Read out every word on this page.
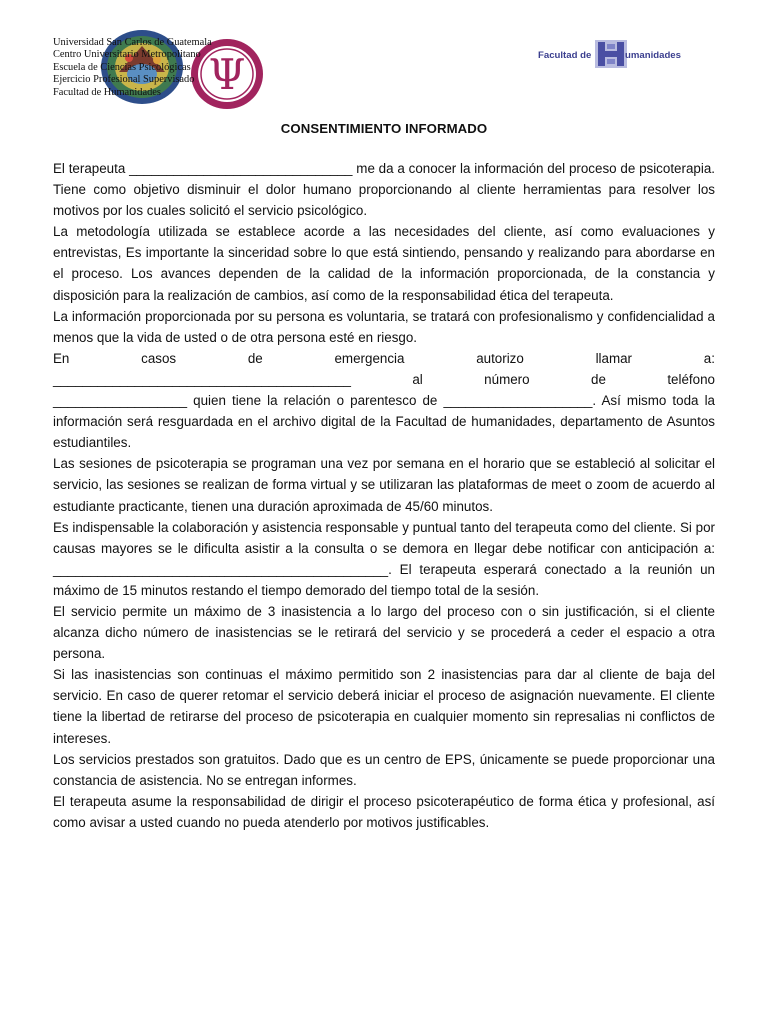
Ψ
Universidad San Carlos de Guatemala
Centro Universitario Metropolitano
Escuela de Ciencias Psicológicas
Ejercicio Profesional Supervisado
Facultad de Humanidades
Facultad de	umanidades
CONSENTIMIENTO INFORMADO

El terapeuta ______________________________ me da a conocer la información del proceso de psicoterapia. Tiene como objetivo disminuir el dolor humano proporcionando al cliente herramientas para resolver los motivos por los cuales solicitó el servicio psicológico.

La metodología utilizada se establece acorde a las necesidades del cliente, así como evaluaciones y entrevistas, Es importante la sinceridad sobre lo que está sintiendo, pensando y realizando para abordarse en el proceso. Los avances dependen de la calidad de la información proporcionada, de la constancia y disposición para la realización de cambios, así como de la responsabilidad ética del terapeuta.

La información proporcionada por su persona es voluntaria, se tratará con profesionalismo y confidencialidad a menos que la vida de usted o de otra persona esté en riesgo.

En	casos	de	emergencia	autorizo	llamar	a:
________________________________________	al	número	de	teléfono

__________________ quien tiene la relación o parentesco de ____________________. Así mismo toda la información será resguardada en el archivo digital de la Facultad de humanidades, departamento de Asuntos estudiantiles.

Las sesiones de psicoterapia se programan una vez por semana en el horario que se estableció al solicitar el servicio, las sesiones se realizan de forma virtual y se utilizaran las plataformas de meet o zoom de acuerdo al estudiante practicante, tienen una duración aproximada de 45/60 minutos.

Es indispensable la colaboración y asistencia responsable y puntual tanto del terapeuta como del cliente. Si por causas mayores se le dificulta asistir a la consulta o se demora en llegar debe notificar con anticipación a: _____________________________________________. El terapeuta esperará conectado a la reunión un máximo de 15 minutos restando el tiempo demorado del tiempo total de la sesión.

El servicio permite un máximo de 3 inasistencia a lo largo del proceso con o sin justificación, si el cliente alcanza dicho número de inasistencias se le retirará del servicio y se procederá a ceder el espacio a otra persona.

Si las inasistencias son continuas el máximo permitido son 2 inasistencias para dar al cliente de baja del servicio. En caso de querer retomar el servicio deberá iniciar el proceso de asignación nuevamente. El cliente tiene la libertad de retirarse del proceso de psicoterapia en cualquier momento sin represalias ni conflictos de intereses.

Los servicios prestados son gratuitos. Dado que es un centro de EPS, únicamente se puede proporcionar una constancia de asistencia. No se entregan informes.

El terapeuta asume la responsabilidad de dirigir el proceso psicoterapéutico de forma ética y profesional, así como avisar a usted cuando no pueda atenderlo por motivos justificables.
